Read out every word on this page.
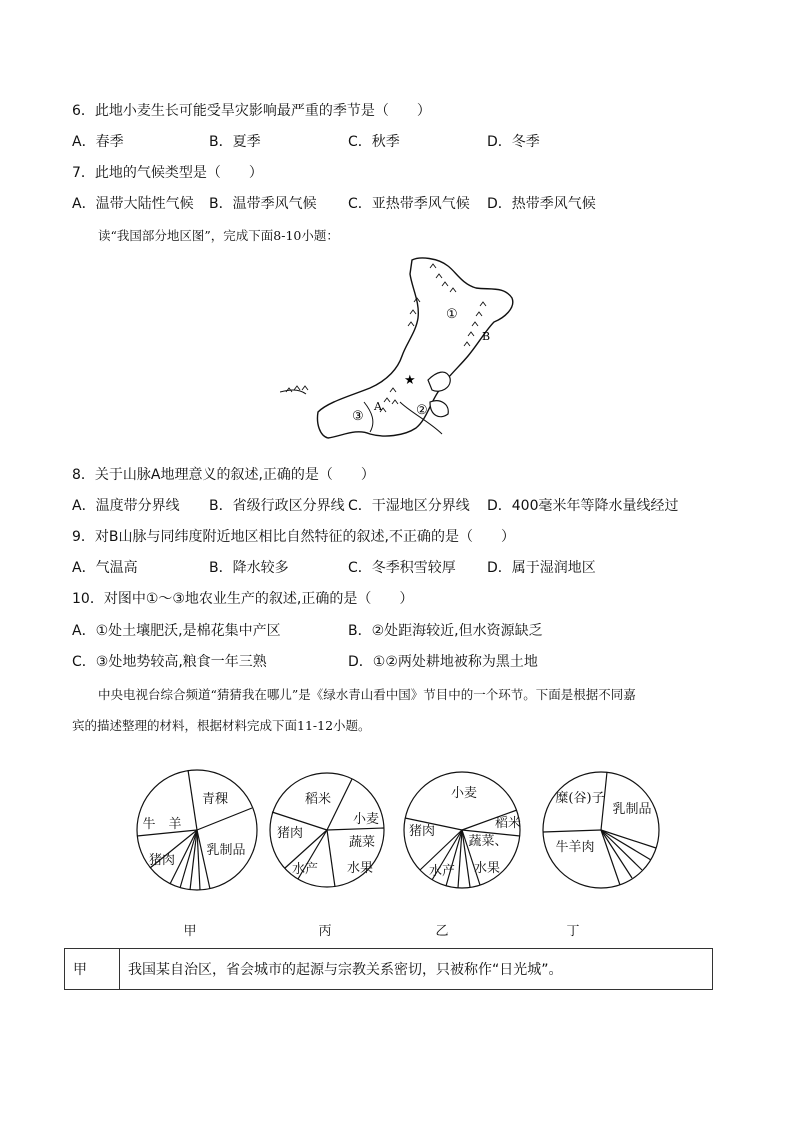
6．此地小麦生长可能受旱灾影响最严重的季节是（　　）
A．春季	B．夏季	C．秋季	D．冬季
7．此地的气候类型是（　　）
A．温带大陆性气候 B．温带季风气候 C．亚热带季风气候 D．热带季风气候
读“我国部分地区图”，完成下面8-10小题：
①
B
★
A
③	②
8．关于山脉A地理意义的叙述,正确的是（　　）
A．温度带分界线 B．省级行政区分界线 C．干湿地区分界线 D．400毫米年等降水量线经过
9．对B山脉与同纬度附近地区相比自然特征的叙述,不正确的是（　　）
A．气温高	B．降水较多	C．冬季积雪较厚 D．属于湿润地区
10．对图中①～③地农业生产的叙述,正确的是（　　）
A．①处土壤肥沃,是棉花集中产区	B．②处距海较近,但水资源缺乏
C．③处地势较高,粮食一年三熟	D．①②两处耕地被称为黑土地
中央电视台综合频道“猜猜我在哪儿”是《绿水青山看中国》节目中的一个环节。下面是根据不同嘉
宾的描述整理的材料，根据材料完成下面11-12小题。
牛　羊
青稞
乳制品
猪肉
稻米
小麦
猪肉
蔬菜
水产	水果
小麦
猪肉
稻米
蔬菜、
水产	水果
糜(谷)子
乳制品
牛羊肉
甲	丙	乙	丁
甲	我国某自治区，省会城市的起源与宗教关系密切，只被称作“日光城”。
